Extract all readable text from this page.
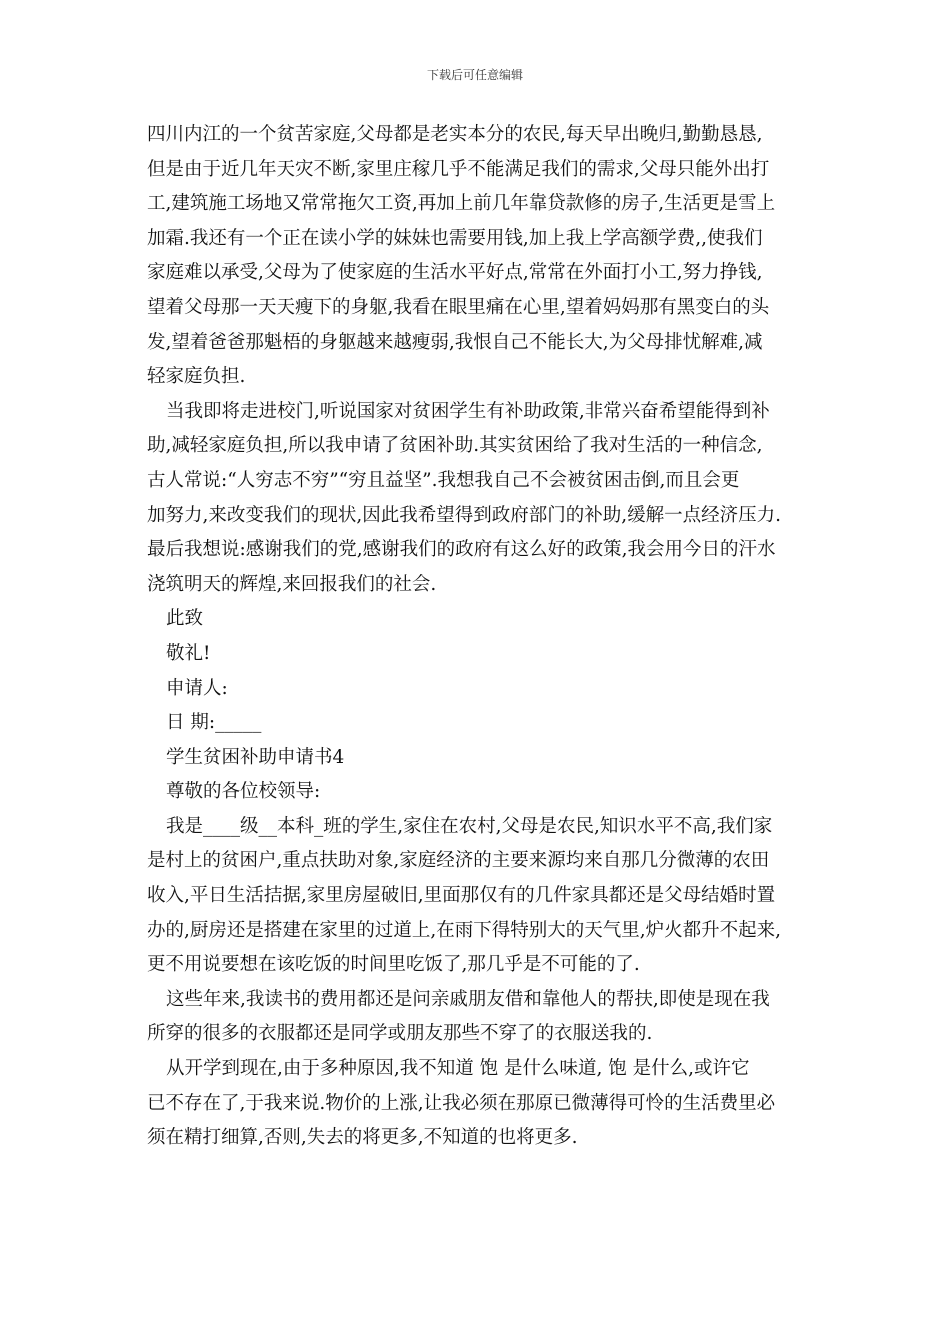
下载后可任意编辑
四川内江的一个贫苦家庭,父母都是老实本分的农民,每天早出晚归,勤勤恳恳,
但是由于近几年天灾不断,家里庄稼几乎不能满足我们的需求,父母只能外出打
工,建筑施工场地又常常拖欠工资,再加上前几年靠贷款修的房子,生活更是雪上
加霜.我还有一个正在读小学的妹妹也需要用钱,加上我上学高额学费,,使我们
家庭难以承受,父母为了使家庭的生活水平好点,常常在外面打小工,努力挣钱,
望着父母那一天天瘦下的身躯,我看在眼里痛在心里,望着妈妈那有黑变白的头
发,望着爸爸那魁梧的身躯越来越瘦弱,我恨自己不能长大,为父母排忧解难,减
轻家庭负担.
当我即将走进校门,听说国家对贫困学生有补助政策,非常兴奋希望能得到补
助,减轻家庭负担,所以我申请了贫困补助.其实贫困给了我对生活的一种信念,
古人常说:“人穷志不穷”“穷且益坚”.我想我自己不会被贫困击倒,而且会更
加努力,来改变我们的现状,因此我希望得到政府部门的补助,缓解一点经济压力.
最后我想说:感谢我们的党,感谢我们的政府有这么好的政策,我会用今日的汗水
浇筑明天的辉煌,来回报我们的社会.
此致
敬礼!
申请人:
日 期:_____
学生贫困补助申请书4
尊敬的各位校领导:
我是____级__本科_班的学生,家住在农村,父母是农民,知识水平不高,我们家
是村上的贫困户,重点扶助对象,家庭经济的主要来源均来自那几分微薄的农田
收入,平日生活拮据,家里房屋破旧,里面那仅有的几件家具都还是父母结婚时置
办的,厨房还是搭建在家里的过道上,在雨下得特别大的天气里,炉火都升不起来,
更不用说要想在该吃饭的时间里吃饭了,那几乎是不可能的了.
这些年来,我读书的费用都还是问亲戚朋友借和靠他人的帮扶,即使是现在我
所穿的很多的衣服都还是同学或朋友那些不穿了的衣服送我的.
从开学到现在,由于多种原因,我不知道 饱 是什么味道, 饱 是什么,或许它
已不存在了,于我来说.物价的上涨,让我必须在那原已微薄得可怜的生活费里必
须在精打细算,否则,失去的将更多,不知道的也将更多.
